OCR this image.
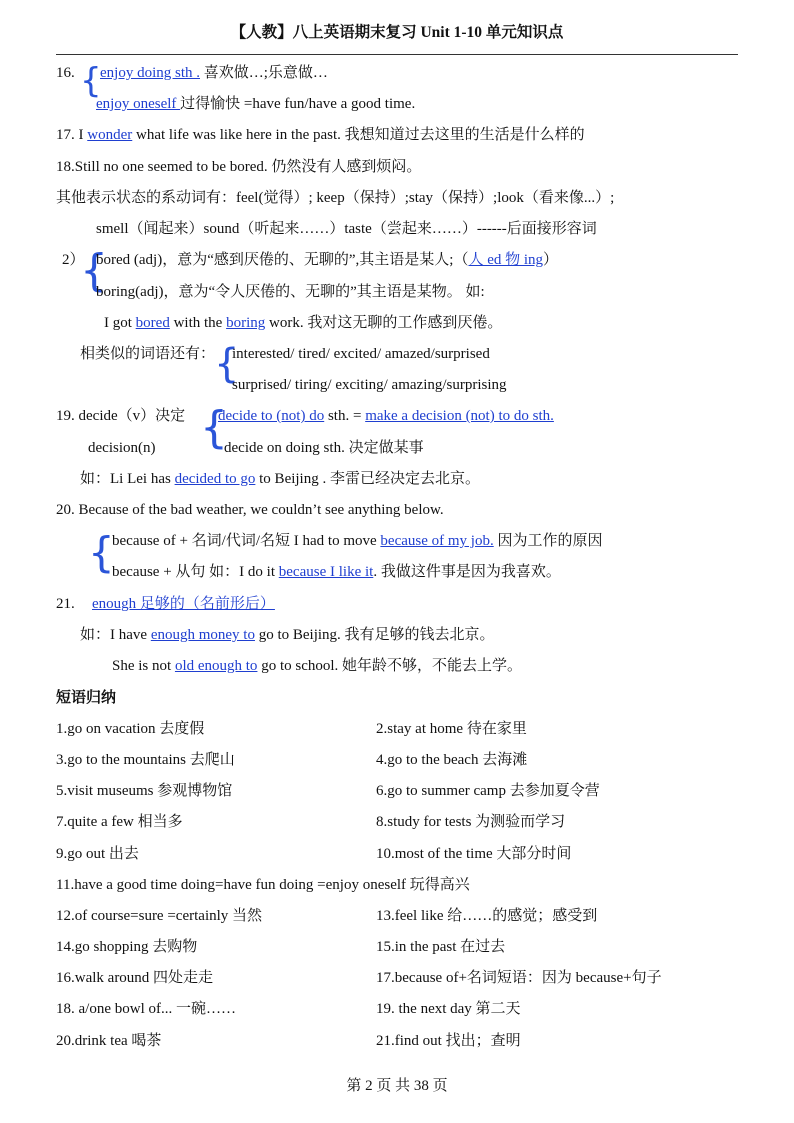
【人教】八上英语期末复习 Unit 1-10 单元知识点
16. {
enjoy doing sth . 喜欢做…;乐意做…
enjoy oneself 过得愉快 =have fun/have a good time.
17. I wonder what life was like here in the past. 我想知道过去这里的生活是什么样的
18.Still no one seemed to be bored. 仍然没有人感到烦闷。
其他表示状态的系动词有：feel(觉得）; keep（保持）;stay（保持）;look（看来像...）;
smell（闻起来）sound（听起来……）taste（尝起来……）------后面接形容词
2）
{
bored (adj)，意为“感到厌倦的、无聊的”,其主语是某人;（人 ed 物 ing）
boring(adj)，意为“令人厌倦的、无聊的”其主语是某物。 如:
I got bored with the boring work. 我对这无聊的工作感到厌倦。
相类似的词语还有：
{
interested/ tired/ excited/ amazed/surprised
surprised/ tiring/ exciting/ amazing/surprising
19. decide（v）决定 {
decide to (not) do sth. = make a decision (not) to do sth.
decision(n)	decide on doing sth. 决定做某事
如：Li Lei has decided to go to Beijing . 李雷已经决定去北京。
20. Because of the bad weather, we couldn’t see anything below.
{
because of + 名词/代词/名短 I had to move because of my job. 因为工作的原因
because + 从句 如：I do it because I like it. 我做这件事是因为我喜欢。
21. enough 足够的（名前形后）
如：I have enough money to go to Beijing. 我有足够的钱去北京。
She is not old enough to go to school. 她年龄不够，不能去上学。
短语归纳
1.go on vacation 去度假	2.stay at home 待在家里
3.go to the mountains 去爬山	4.go to the beach 去海滩
5.visit museums 参观博物馆	6.go to summer camp 去参加夏令营
7.quite a few 相当多	8.study for tests 为测验而学习
9.go out 出去	10.most of the time 大部分时间
11.have a good time doing=have fun doing =enjoy oneself 玩得高兴
12.of course=sure =certainly 当然	13.feel like 给……的感觉；感受到
14.go shopping 去购物	15.in the past 在过去
16.walk around 四处走走	17.because of+名词短语：因为 because+句子
18. a/one bowl of... 一碗……	19. the next day 第二天
20.drink tea 喝茶	21.find out 找出；查明
第 2 页 共 38 页
